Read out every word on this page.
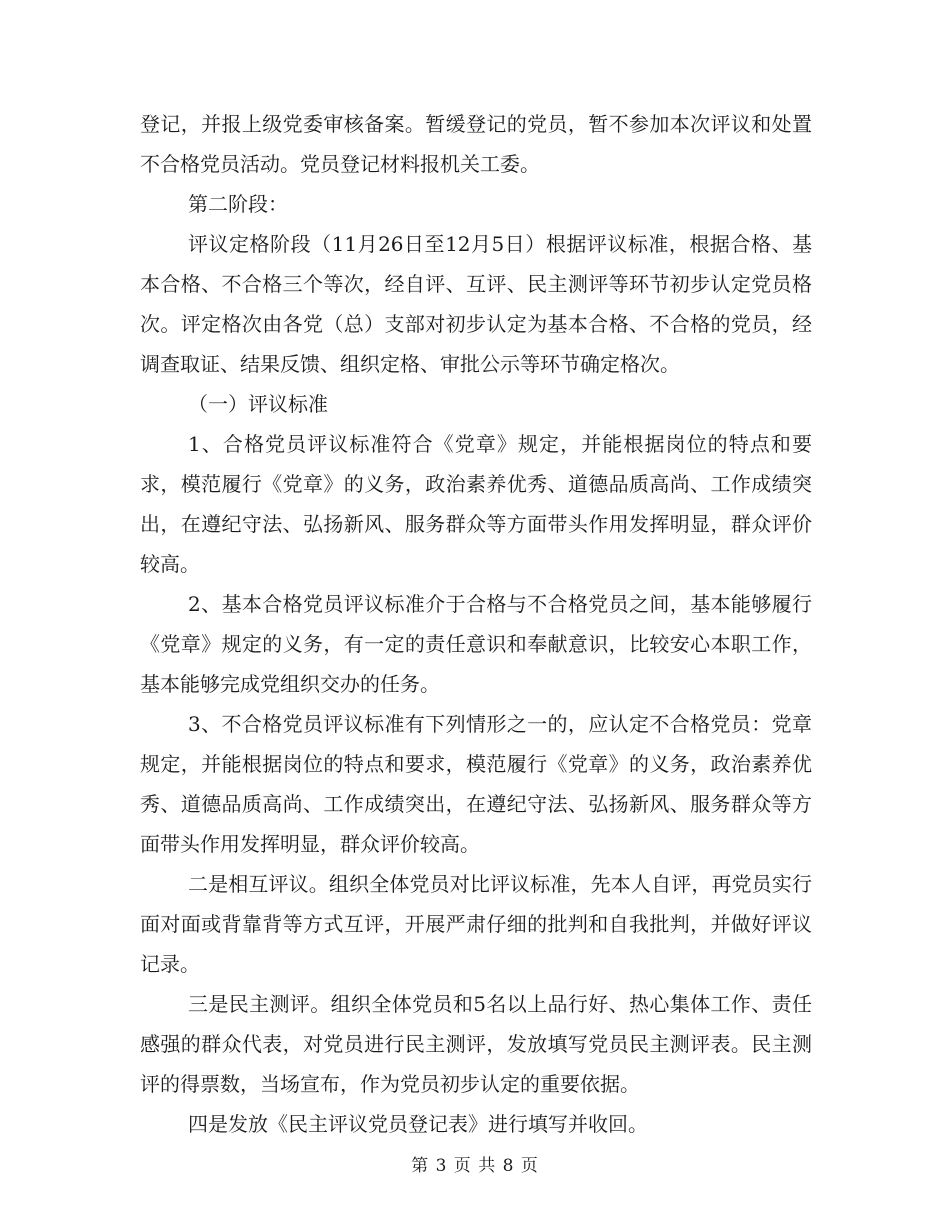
登记，并报上级党委审核备案。暂缓登记的党员，暂不参加本次评议和处置不合格党员活动。党员登记材料报机关工委。

第二阶段：

评议定格阶段（11月26日至12月5日）根据评议标准，根据合格、基本合格、不合格三个等次，经自评、互评、民主测评等环节初步认定党员格次。评定格次由各党（总）支部对初步认定为基本合格、不合格的党员，经调查取证、结果反馈、组织定格、审批公示等环节确定格次。

（一）评议标准

1、合格党员评议标准符合《党章》规定，并能根据岗位的特点和要求，模范履行《党章》的义务，政治素养优秀、道德品质高尚、工作成绩突出，在遵纪守法、弘扬新风、服务群众等方面带头作用发挥明显，群众评价较高。

2、基本合格党员评议标准介于合格与不合格党员之间，基本能够履行《党章》规定的义务，有一定的责任意识和奉献意识，比较安心本职工作，基本能够完成党组织交办的任务。

3、不合格党员评议标准有下列情形之一的，应认定不合格党员：党章规定，并能根据岗位的特点和要求，模范履行《党章》的义务，政治素养优秀、道德品质高尚、工作成绩突出，在遵纪守法、弘扬新风、服务群众等方面带头作用发挥明显，群众评价较高。

二是相互评议。组织全体党员对比评议标准，先本人自评，再党员实行面对面或背靠背等方式互评，开展严肃仔细的批判和自我批判，并做好评议记录。

三是民主测评。组织全体党员和5名以上品行好、热心集体工作、责任感强的群众代表，对党员进行民主测评，发放填写党员民主测评表。民主测评的得票数，当场宣布，作为党员初步认定的重要依据。

四是发放《民主评议党员登记表》进行填写并收回。

第 3 页 共 8 页
